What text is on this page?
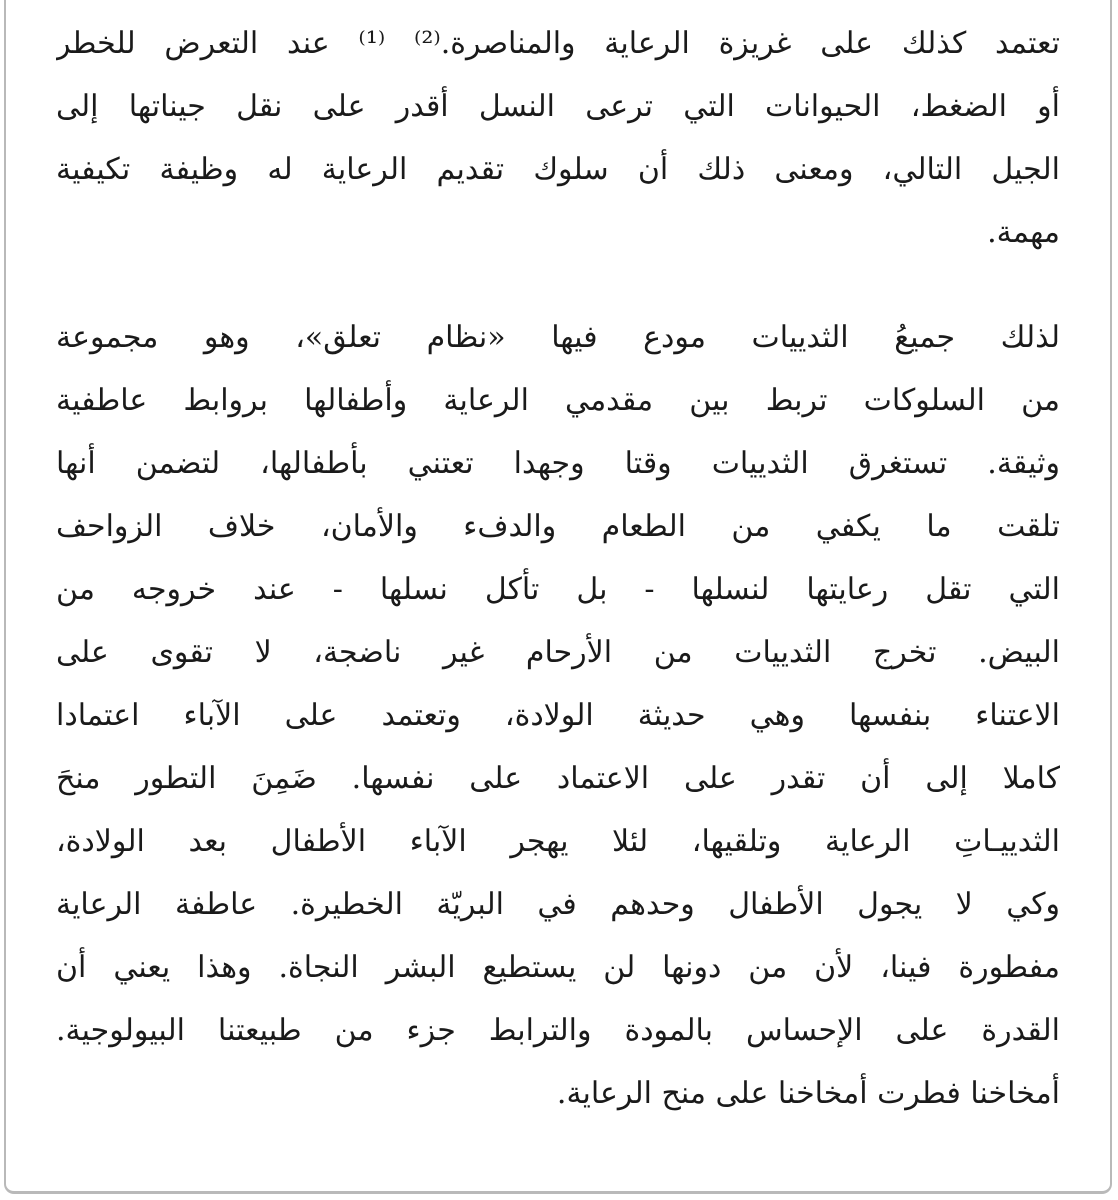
تعتمد كذلك على غريزة الرعاية والمناصرة.⁽²⁾ ⁽¹⁾ عند التعرض للخطر
أو الضغط، الحيوانات التي ترعى النسل أقدر على نقل جيناتها إلى
الجيل التالي، ومعنى ذلك أن سلوك تقديم الرعاية له وظيفة تكيفية
مهمة.
لذلك جميعُ الثدييات مودع فيها «نظام تعلق»، وهو مجموعة
من السلوكات تربط بين مقدمي الرعاية وأطفالها بروابط عاطفية
وثيقة. تستغرق الثدييات وقتا وجهدا تعتني بأطفالها، لتضمن أنها
تلقت ما يكفي من الطعام والدفء والأمان، خلاف الزواحف
التي تقل رعايتها لنسلها - بل تأكل نسلها - عند خروجه من
البيض. تخرج الثدييات من الأرحام غير ناضجة، لا تقوى على
الاعتناء بنفسها وهي حديثة الولادة، وتعتمد على الآباء اعتمادا
كاملا إلى أن تقدر على الاعتماد على نفسها. ضَمِنَ التطور منحَ
الثدييـاتِ الرعاية وتلقيها، لئلا يهجر الآباء الأطفال بعد الولادة،
وكي لا يجول الأطفال وحدهم في البريّة الخطيرة. عاطفة الرعاية
مفطورة فينا، لأن من دونها لن يستطيع البشر النجاة. وهذا يعني أن
القدرة على الإحساس بالمودة والترابط جزء من طبيعتنا البيولوجية.
أمخاخنا فطرت أمخاخنا على منح الرعاية.
